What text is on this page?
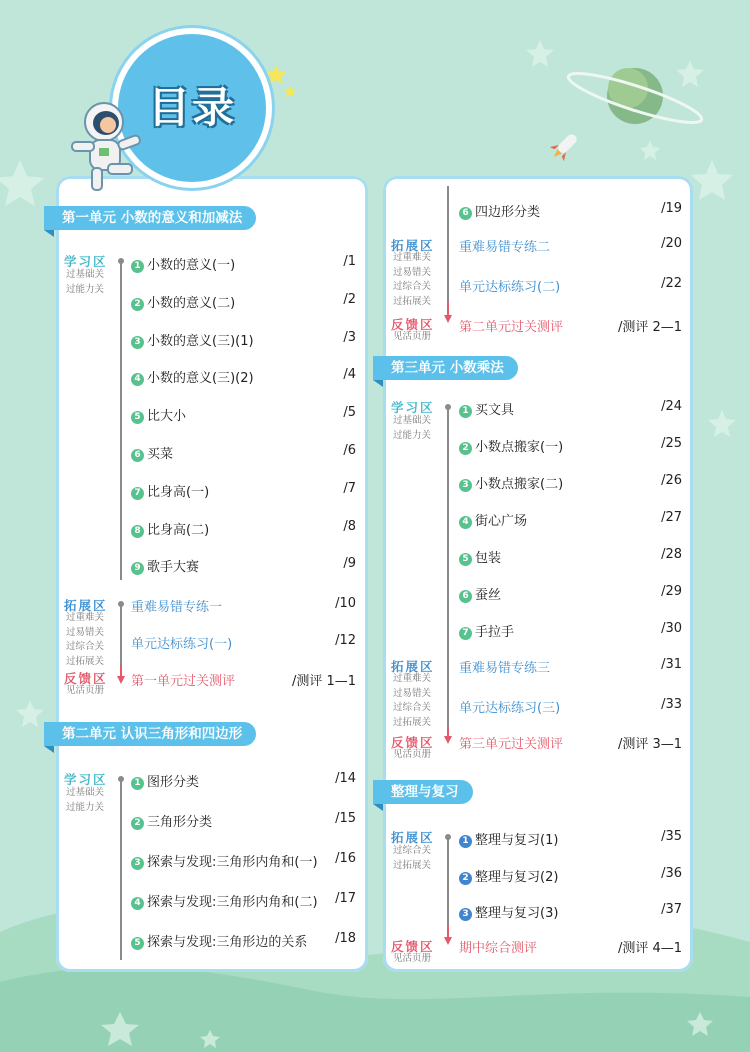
目录
第一单元 小数的意义和加减法
学习区
过基础关
过能力关
1 小数的意义(一)	/1
2 小数的意义(二)	/2
3 小数的意义(三)(1)	/3
4 小数的意义(三)(2)	/4
5 比大小	/5
6 买菜	/6
7 比身高(一)	/7
8 比身高(二)	/8
9 歌手大赛	/9
拓展区
过重难关
过易错关
过综合关
过拓展关
重难易错专练一	/10
单元达标练习(一)	/12
反馈区
见活页册
第一单元过关测评	/测评 1—1
第二单元 认识三角形和四边形
学习区
过基础关
过能力关
1 图形分类	/14
2 三角形分类	/15
3 探索与发现:三角形内角和(一) /16
4 探索与发现:三角形内角和(二) /17
5 探索与发现:三角形边的关系 /18
6 四边形分类	/19
拓展区
过重难关
过易错关
过综合关
过拓展关
重难易错专练二	/20
单元达标练习(二)	/22
反馈区
见活页册
第二单元过关测评	/测评 2—1
第三单元 小数乘法
学习区
过基础关
过能力关
1 买文具	/24
2 小数点搬家(一)	/25
3 小数点搬家(二)	/26
4 街心广场	/27
5 包装	/28
6 蚕丝	/29
7 手拉手	/30
拓展区
过重难关
过易错关
过综合关
过拓展关
重难易错专练三	/31
单元达标练习(三)	/33
反馈区
见活页册
第三单元过关测评	/测评 3—1
整理与复习
拓展区
过综合关
过拓展关
1 整理与复习(1)	/35
2 整理与复习(2)	/36
3 整理与复习(3)	/37
反馈区
见活页册
期中综合测评	/测评 4—1
